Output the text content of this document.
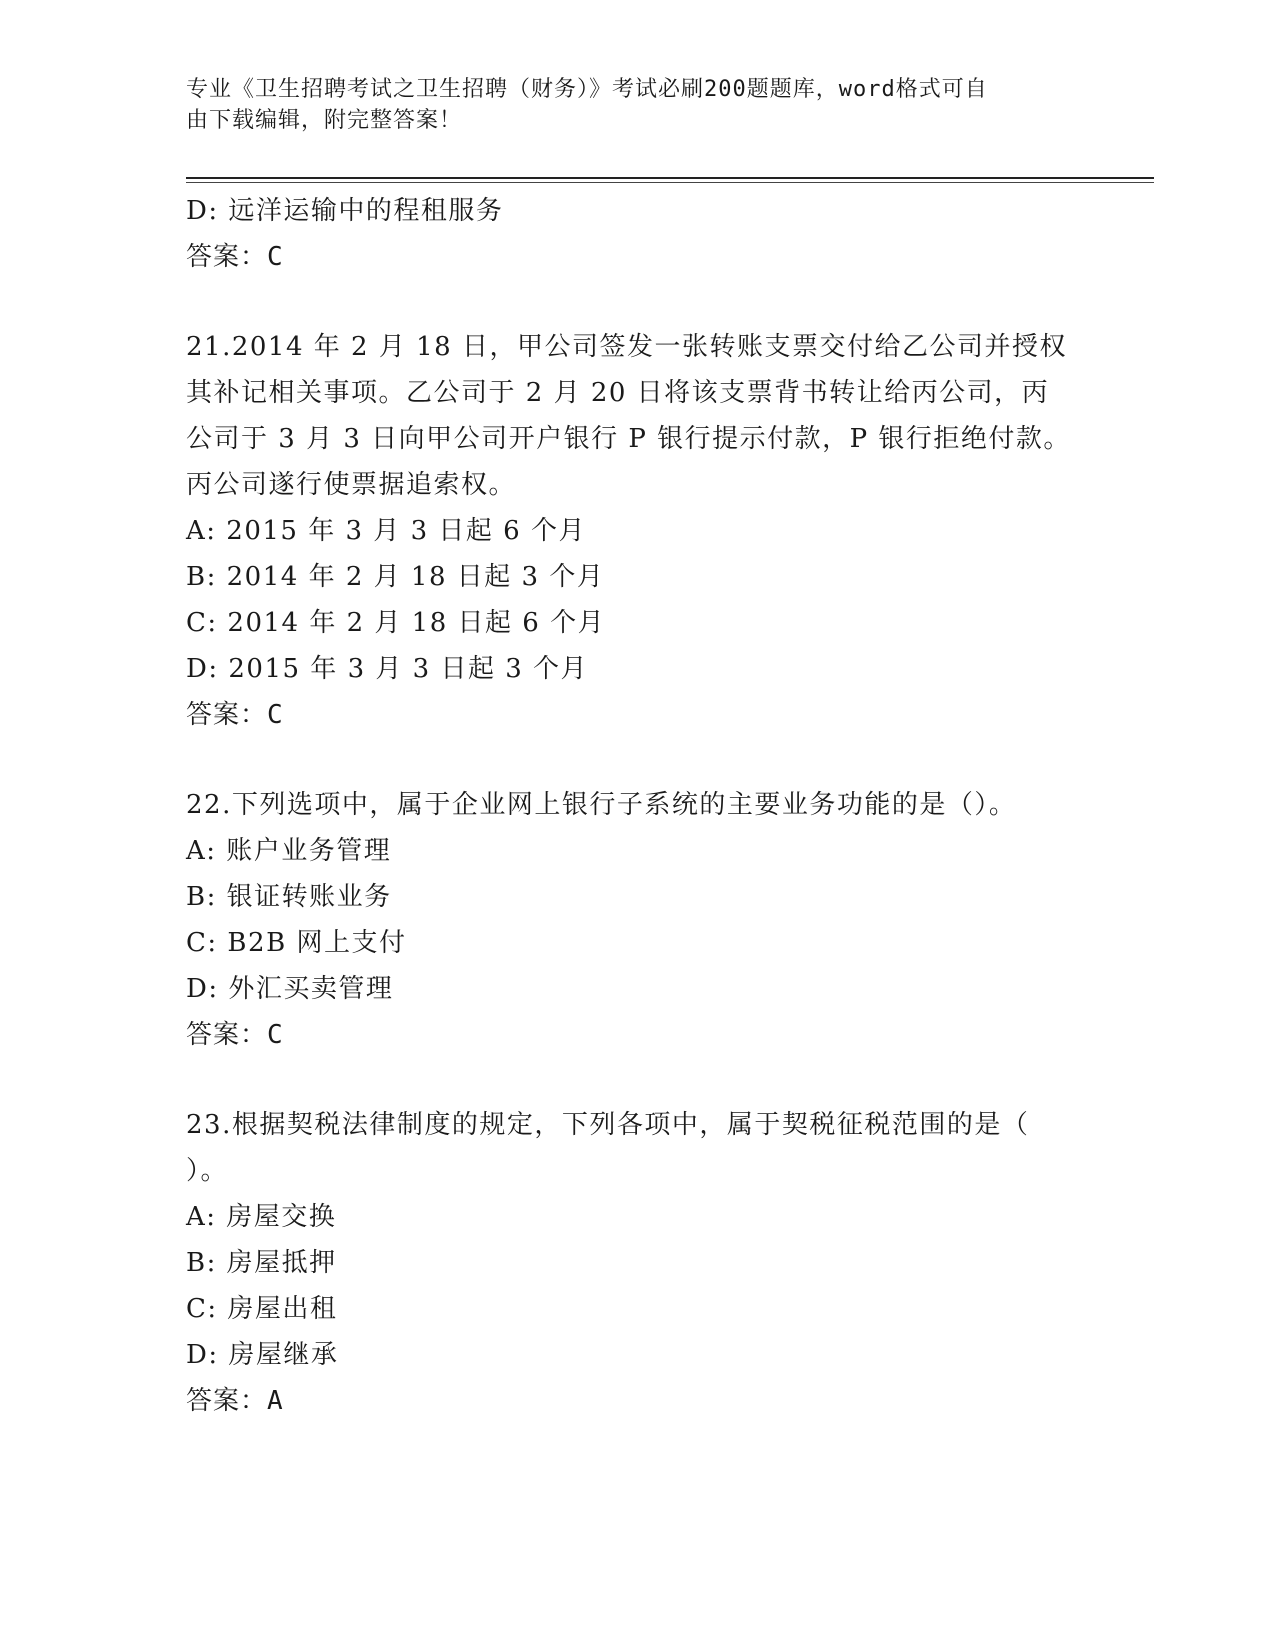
专业《卫生招聘考试之卫生招聘（财务）》考试必刷200题题库，word格式可自
由下载编辑，附完整答案！
D: 远洋运输中的程租服务
答案：C
21.2014 年 2 月 18 日，甲公司签发一张转账支票交付给乙公司并授权
其补记相关事项。乙公司于 2 月 20 日将该支票背书转让给丙公司，丙
公司于 3 月 3 日向甲公司开户银行 P 银行提示付款，P 银行拒绝付款。
丙公司遂行使票据追索权。
A: 2015 年 3 月 3 日起 6 个月
B: 2014 年 2 月 18 日起 3 个月
C: 2014 年 2 月 18 日起 6 个月
D: 2015 年 3 月 3 日起 3 个月
答案：C
22.下列选项中，属于企业网上银行子系统的主要业务功能的是（）。
A: 账户业务管理
B: 银证转账业务
C: B2B 网上支付
D: 外汇买卖管理
答案：C
23.根据契税法律制度的规定，下列各项中，属于契税征税范围的是（
）。
A: 房屋交换
B: 房屋抵押
C: 房屋出租
D: 房屋继承
答案：A
